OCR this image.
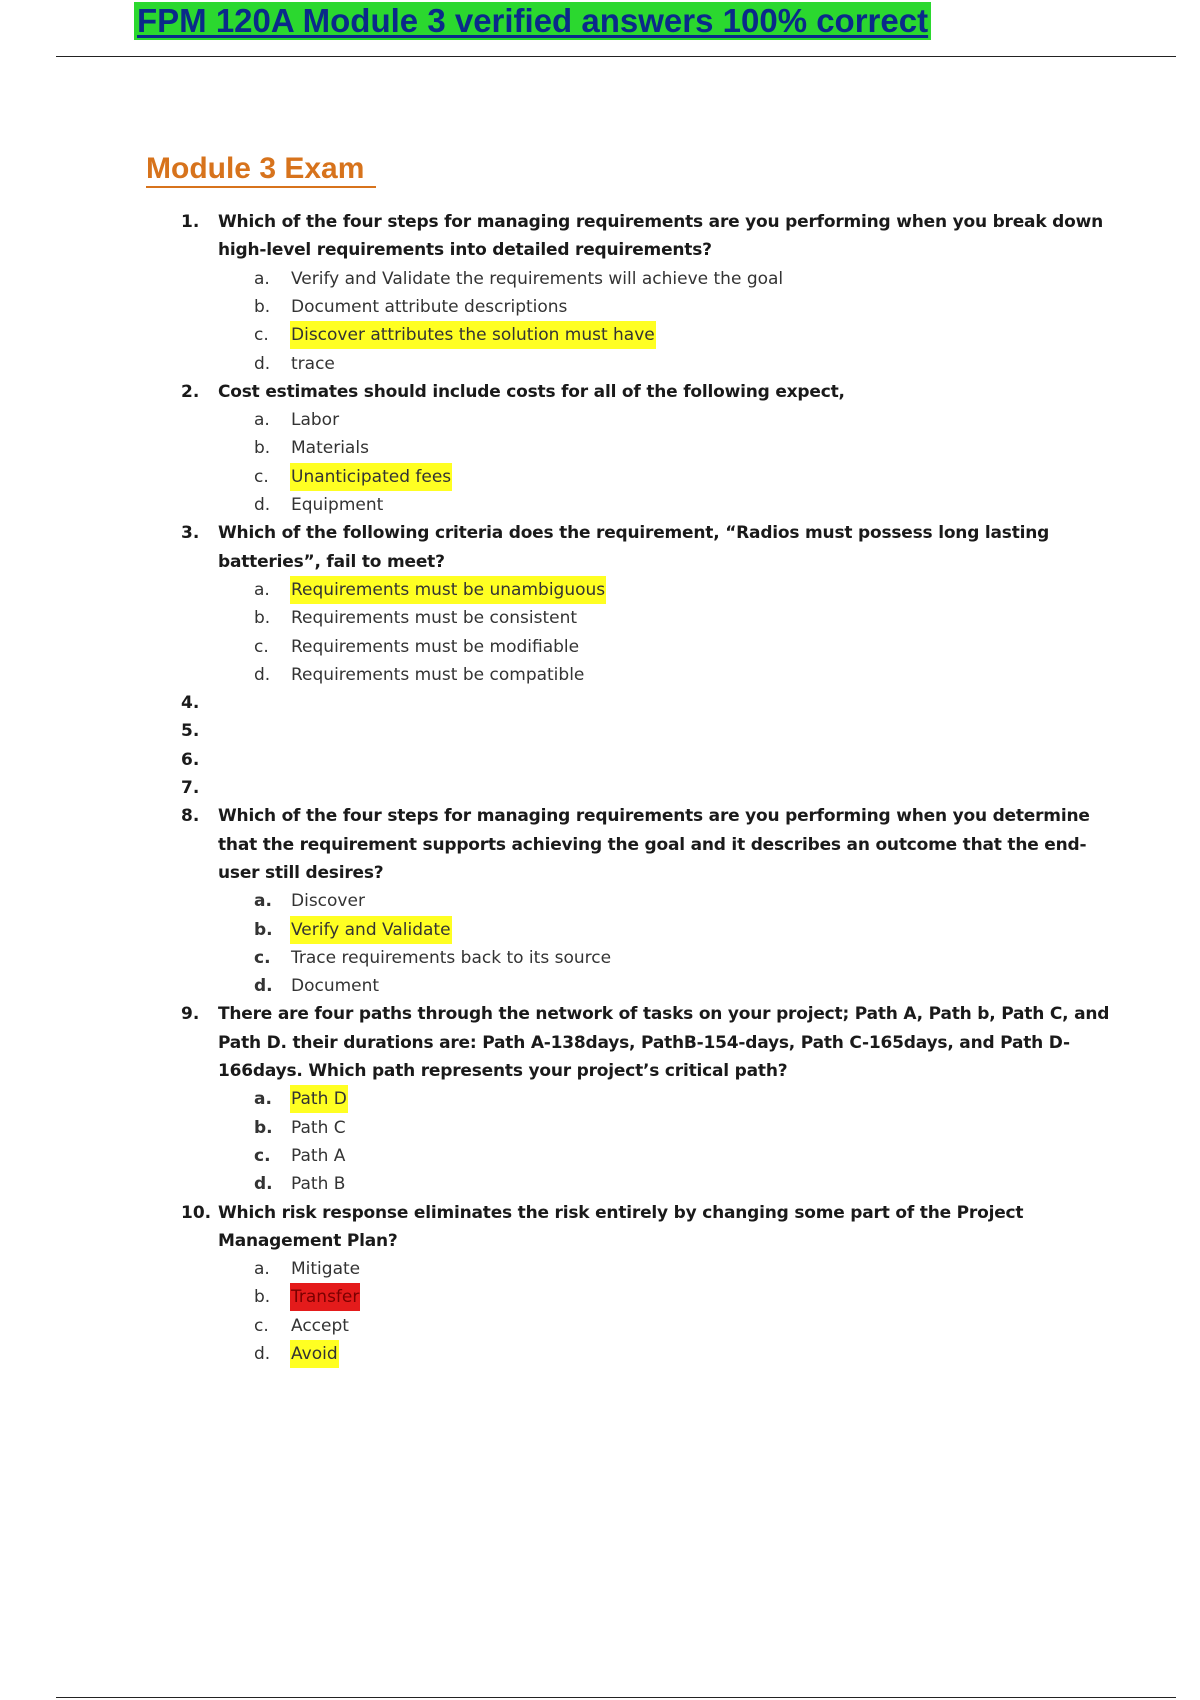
FPM 120A Module 3 verified answers 100% correct
Module 3 Exam
1.	Which of the four steps for managing requirements are you performing when you break down
high-level requirements into detailed requirements?
a.	Verify and Validate the requirements will achieve the goal
b.	Document attribute descriptions
c.	Discover attributes the solution must have
d.	trace
2.	Cost estimates should include costs for all of the following expect,
a.	Labor
b.	Materials
c.	Unanticipated fees
d.	Equipment
3.	Which of the following criteria does the requirement, “Radios must possess long lasting
batteries”, fail to meet?
a.	Requirements must be unambiguous
b.	Requirements must be consistent
c.	Requirements must be modifiable
d.	Requirements must be compatible
4.
5.
6.
7.
8.	Which of the four steps for managing requirements are you performing when you determine
that the requirement supports achieving the goal and it describes an outcome that the end-
user still desires?
a.	Discover
b.	Verify and Validate
c.	Trace requirements back to its source
d.	Document
9.	There are four paths through the network of tasks on your project; Path A, Path b, Path C, and
Path D. their durations are: Path A-138days, PathB-154-days, Path C-165days, and Path D-
166days. Which path represents your project’s critical path?
a.	Path D
b.	Path C
c.	Path A
d.	Path B
10. Which risk response eliminates the risk entirely by changing some part of the Project
Management Plan?
a.	Mitigate
b.	Transfer
c.	Accept
d.	Avoid
